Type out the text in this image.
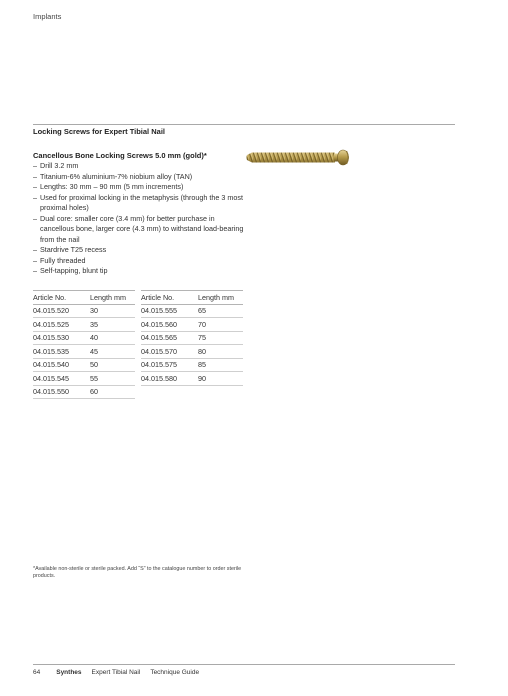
Implants
Locking Screws for Expert Tibial Nail
Cancellous Bone Locking Screws 5.0 mm (gold)*
– Drill 3.2 mm
– Titanium-6% aluminium-7% niobium alloy (TAN)
– Lengths: 30 mm – 90 mm (5 mm increments)
– Used for proximal locking in the metaphysis (through the 3 most proximal holes)
– Dual core: smaller core (3.4 mm) for better purchase in cancellous bone, larger core (4.3 mm) to withstand load-bearing from the nail
– Stardrive T25 recess
– Fully threaded
– Self-tapping, blunt tip
Article No.	Length mm
04.015.520	30
04.015.525	35
04.015.530	40
04.015.535	45
04.015.540	50
04.015.545	55
04.015.550	60
Article No.	Length mm
04.015.555	65
04.015.560	70
04.015.565	75
04.015.570	80
04.015.575	85
04.015.580	90
*Available non-sterile or sterile packed. Add “S” to the catalogue number to order sterile products.
64 Synthes Expert Tibial Nail Technique Guide
